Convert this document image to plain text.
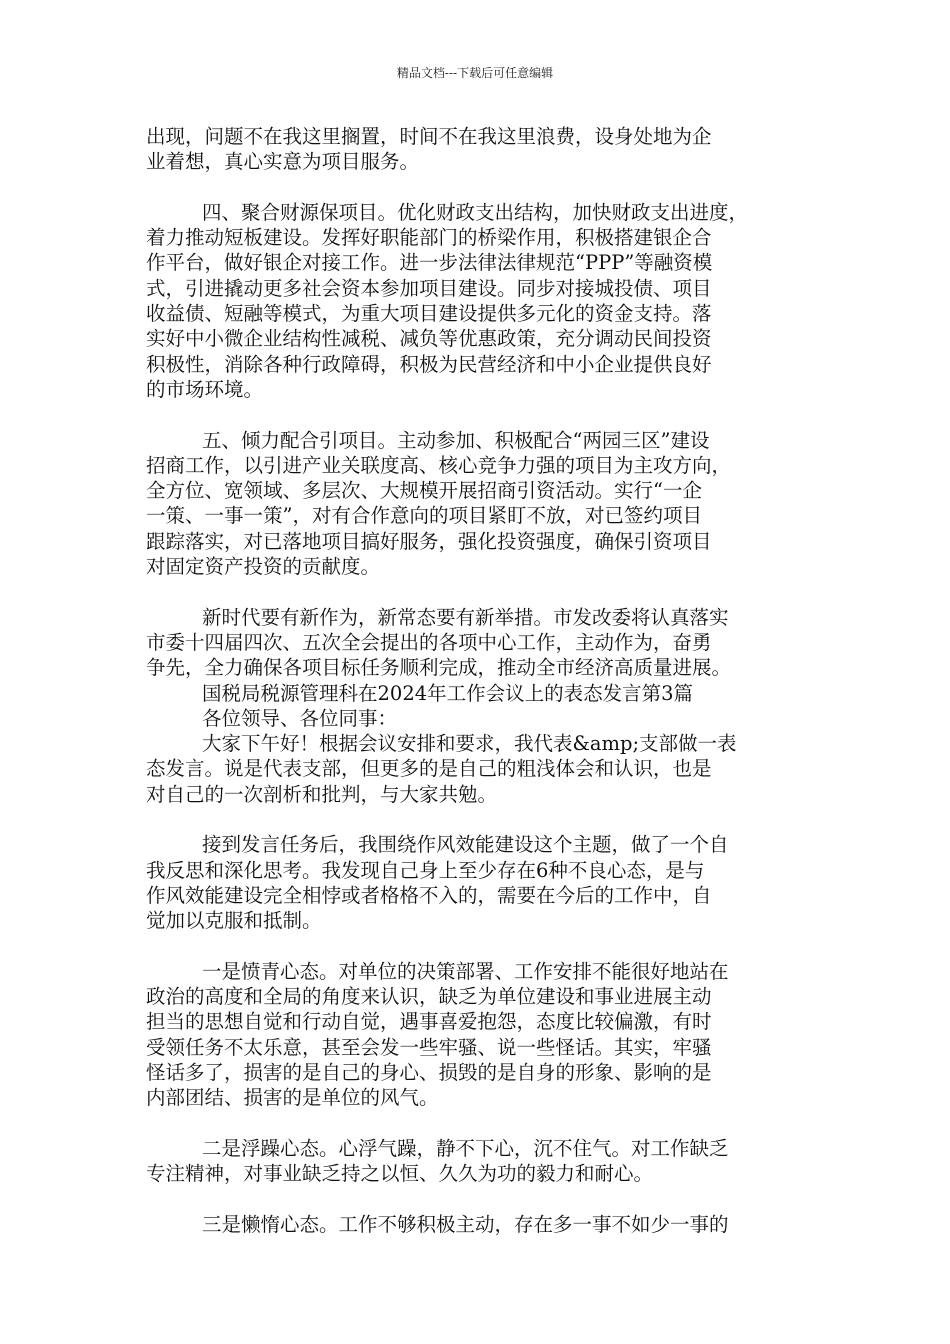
精品文档---下载后可任意编辑
出现，问题不在我这里搁置，时间不在我这里浪费，设身处地为企
业着想，真心实意为项目服务。
四、聚合财源保项目。优化财政支出结构，加快财政支出进度，
着力推动短板建设。发挥好职能部门的桥梁作用，积极搭建银企合
作平台，做好银企对接工作。进一步法律法律规范“PPP”等融资模
式，引进撬动更多社会资本参加项目建设。同步对接城投债、项目
收益债、短融等模式，为重大项目建设提供多元化的资金支持。落
实好中小微企业结构性减税、减负等优惠政策，充分调动民间投资
积极性，消除各种行政障碍，积极为民营经济和中小企业提供良好
的市场环境。
五、倾力配合引项目。主动参加、积极配合“两园三区”建设
招商工作，以引进产业关联度高、核心竞争力强的项目为主攻方向，
全方位、宽领域、多层次、大规模开展招商引资活动。实行“一企
一策、一事一策”，对有合作意向的项目紧盯不放，对已签约项目
跟踪落实，对已落地项目搞好服务，强化投资强度，确保引资项目
对固定资产投资的贡献度。
新时代要有新作为，新常态要有新举措。市发改委将认真落实
市委十四届四次、五次全会提出的各项中心工作，主动作为，奋勇
争先，全力确保各项目标任务顺利完成，推动全市经济高质量进展。
国税局税源管理科在2024年工作会议上的表态发言第3篇
各位领导、各位同事：
大家下午好！根据会议安排和要求，我代表&amp;支部做一表
态发言。说是代表支部，但更多的是自己的粗浅体会和认识，也是
对自己的一次剖析和批判，与大家共勉。
接到发言任务后，我围绕作风效能建设这个主题，做了一个自
我反思和深化思考。我发现自己身上至少存在6种不良心态，是与
作风效能建设完全相悖或者格格不入的，需要在今后的工作中，自
觉加以克服和抵制。
一是愤青心态。对单位的决策部署、工作安排不能很好地站在
政治的高度和全局的角度来认识，缺乏为单位建设和事业进展主动
担当的思想自觉和行动自觉，遇事喜爱抱怨，态度比较偏激，有时
受领任务不太乐意，甚至会发一些牢骚、说一些怪话。其实，牢骚
怪话多了，损害的是自己的身心、损毁的是自身的形象、影响的是
内部团结、损害的是单位的风气。
二是浮躁心态。心浮气躁，静不下心，沉不住气。对工作缺乏
专注精神，对事业缺乏持之以恒、久久为功的毅力和耐心。
三是懒惰心态。工作不够积极主动，存在多一事不如少一事的
